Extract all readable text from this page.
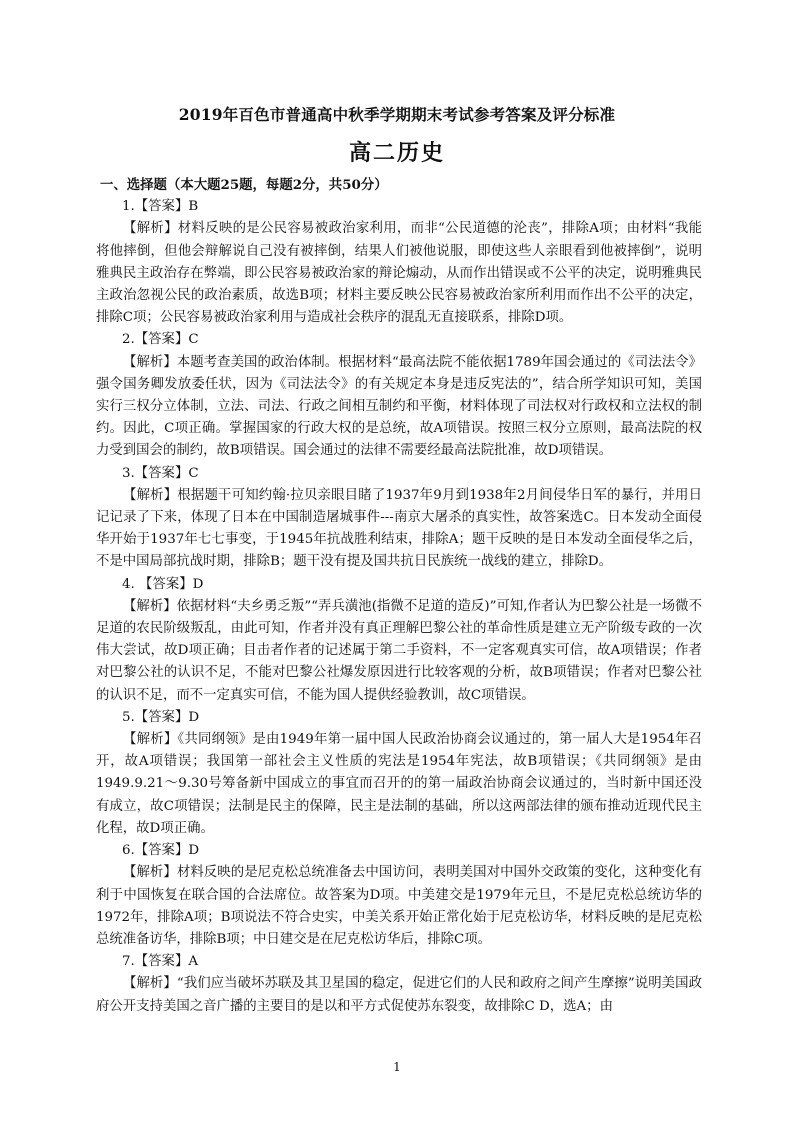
2019年百色市普通高中秋季学期期末考试参考答案及评分标准
高二历史
一、选择题（本大题25题，每题2分，共50分）
1.【答案】B
【解析】材料反映的是公民容易被政治家利用，而非“公民道德的沦丧”，排除A项；由材料“我能将他摔倒，但他会辩解说自己没有被摔倒，结果人们被他说服，即使这些人亲眼看到他被摔倒”，说明雅典民主政治存在弊端，即公民容易被政治家的辩论煽动，从而作出错误或不公平的决定，说明雅典民主政治忽视公民的政治素质，故选B项；材料主要反映公民容易被政治家所利用而作出不公平的决定，排除C项；公民容易被政治家利用与造成社会秩序的混乱无直接联系，排除D项。
2.【答案】C
【解析】本题考查美国的政治体制。根据材料“最高法院不能依据1789年国会通过的《司法法令》强令国务卿发放委任状，因为《司法法令》的有关规定本身是违反宪法的”，结合所学知识可知，美国实行三权分立体制，立法、司法、行政之间相互制约和平衡，材料体现了司法权对行政权和立法权的制约。因此，C项正确。掌握国家的行政大权的是总统，故A项错误。按照三权分立原则，最高法院的权力受到国会的制约，故B项错误。国会通过的法律不需要经最高法院批准，故D项错误。
3.【答案】C
【解析】根据题干可知约翰·拉贝亲眼目睹了1937年9月到1938年2月间侵华日军的暴行，并用日记记录了下来，体现了日本在中国制造屠城事件---南京大屠杀的真实性，故答案选C。日本发动全面侵华开始于1937年七七事变，于1945年抗战胜利结束，排除A；题干反映的是日本发动全面侵华之后，不是中国局部抗战时期，排除B；题干没有提及国共抗日民族统一战线的建立，排除D。
4. 【答案】D
【解析】依据材料“夫乡勇乏叛”“弄兵潢池(指微不足道的造反)”可知,作者认为巴黎公社是一场微不足道的农民阶级叛乱，由此可知，作者并没有真正理解巴黎公社的革命性质是建立无产阶级专政的一次伟大尝试，故D项正确；目击者作者的记述属于第二手资料，不一定客观真实可信，故A项错误；作者对巴黎公社的认识不足，不能对巴黎公社爆发原因进行比较客观的分析，故B项错误；作者对巴黎公社的认识不足，而不一定真实可信，不能为国人提供经验教训，故C项错误。
5.【答案】D
【解析】《共同纲领》是由1949年第一届中国人民政治协商会议通过的，第一届人大是1954年召开，故A项错误；我国第一部社会主义性质的宪法是1954年宪法，故B项错误；《共同纲领》是由1949.9.21～9.30号筹备新中国成立的事宜而召开的的第一届政治协商会议通过的，当时新中国还没有成立，故C项错误；法制是民主的保障，民主是法制的基础，所以这两部法律的颁布推动近现代民主化程，故D项正确。
6.【答案】D
【解析】材料反映的是尼克松总统准备去中国访问，表明美国对中国外交政策的变化，这种变化有利于中国恢复在联合国的合法席位。故答案为D项。中美建交是1979年元旦，不是尼克松总统访华的1972年，排除A项；B项说法不符合史实，中美关系开始正常化始于尼克松访华，材料反映的是尼克松总统准备访华，排除B项；中日建交是在尼克松访华后，排除C项。
7.【答案】A
【解析】“我们应当破坏苏联及其卫星国的稳定，促进它们的人民和政府之间产生摩擦”说明美国政府公开支持美国之音广播的主要目的是以和平方式促使苏东裂变，故排除C D，选A；由
1
